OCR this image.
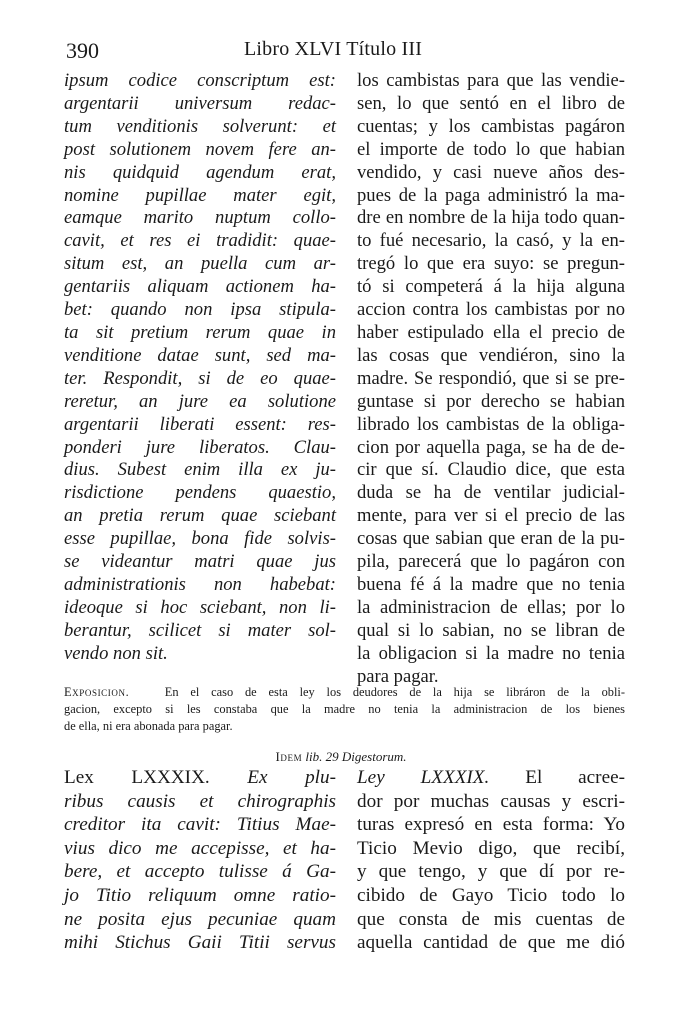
390	Libro XLVI Título III
ipsum codice conscriptum est:
argentarii universum redac-
tum venditionis solverunt: et
post solutionem novem fere an-
nis quidquid agendum erat,
nomine pupillae mater egit,
eamque marito nuptum collo-
cavit, et res ei tradidit: quae-
situm est, an puella cum ar-
gentariis aliquam actionem ha-
bet: quando non ipsa stipula-
ta sit pretium rerum quae in
venditione datae sunt, sed ma-
ter. Respondit, si de eo quae-
reretur, an jure ea solutione
argentarii liberati essent: res-
ponderi jure liberatos. Clau-
dius. Subest enim illa ex ju-
risdictione pendens quaestio,
an pretia rerum quae sciebant
esse pupillae, bona fide solvis-
se videantur matri quae jus
administrationis non habebat:
ideoque si hoc sciebant, non li-
berantur, scilicet si mater sol-
vendo non sit.
los cambistas para que las vendie-
sen, lo que sentó en el libro de
cuentas; y los cambistas pagáron
el importe de todo lo que habian
vendido, y casi nueve años des-
pues de la paga administró la ma-
dre en nombre de la hija todo quan-
to fué necesario, la casó, y la en-
tregó lo que era suyo: se pregun-
tó si competerá á la hija alguna
accion contra los cambistas por no
haber estipulado ella el precio de
las cosas que vendiéron, sino la
madre. Se respondió, que si se pre-
guntase si por derecho se habian
librado los cambistas de la obliga-
cion por aquella paga, se ha de de-
cir que sí. Claudio dice, que esta
duda se ha de ventilar judicial-
mente, para ver si el precio de las
cosas que sabian que eran de la pu-
pila, parecerá que lo pagáron con
buena fé á la madre que no tenia
la administracion de ellas; por lo
qual si lo sabian, no se libran de
la obligacion si la madre no tenia
para pagar.
Exposicion.	En el caso de esta ley los deudores de la hija se libráron de la obli-
gacion, excepto si les constaba que la madre no tenia la administracion de los bienes
de ella, ni era abonada para pagar.
Idem lib. 29 Digestorum.
Lex LXXXIX. Ex plu-
ribus causis et chirographis
creditor ita cavit: Titius Mae-
vius dico me accepisse, et ha-
bere, et accepto tulisse á Ga-
jo Titio reliquum omne ratio-
ne posita ejus pecuniae quam
mihi Stichus Gaii Titii servus
Ley LXXXIX. El acree-
dor por muchas causas y escri-
turas expresó en esta forma: Yo
Ticio Mevio digo, que recibí,
y que tengo, y que dí por re-
cibido de Gayo Ticio todo lo
que consta de mis cuentas de
aquella cantidad de que me dió
